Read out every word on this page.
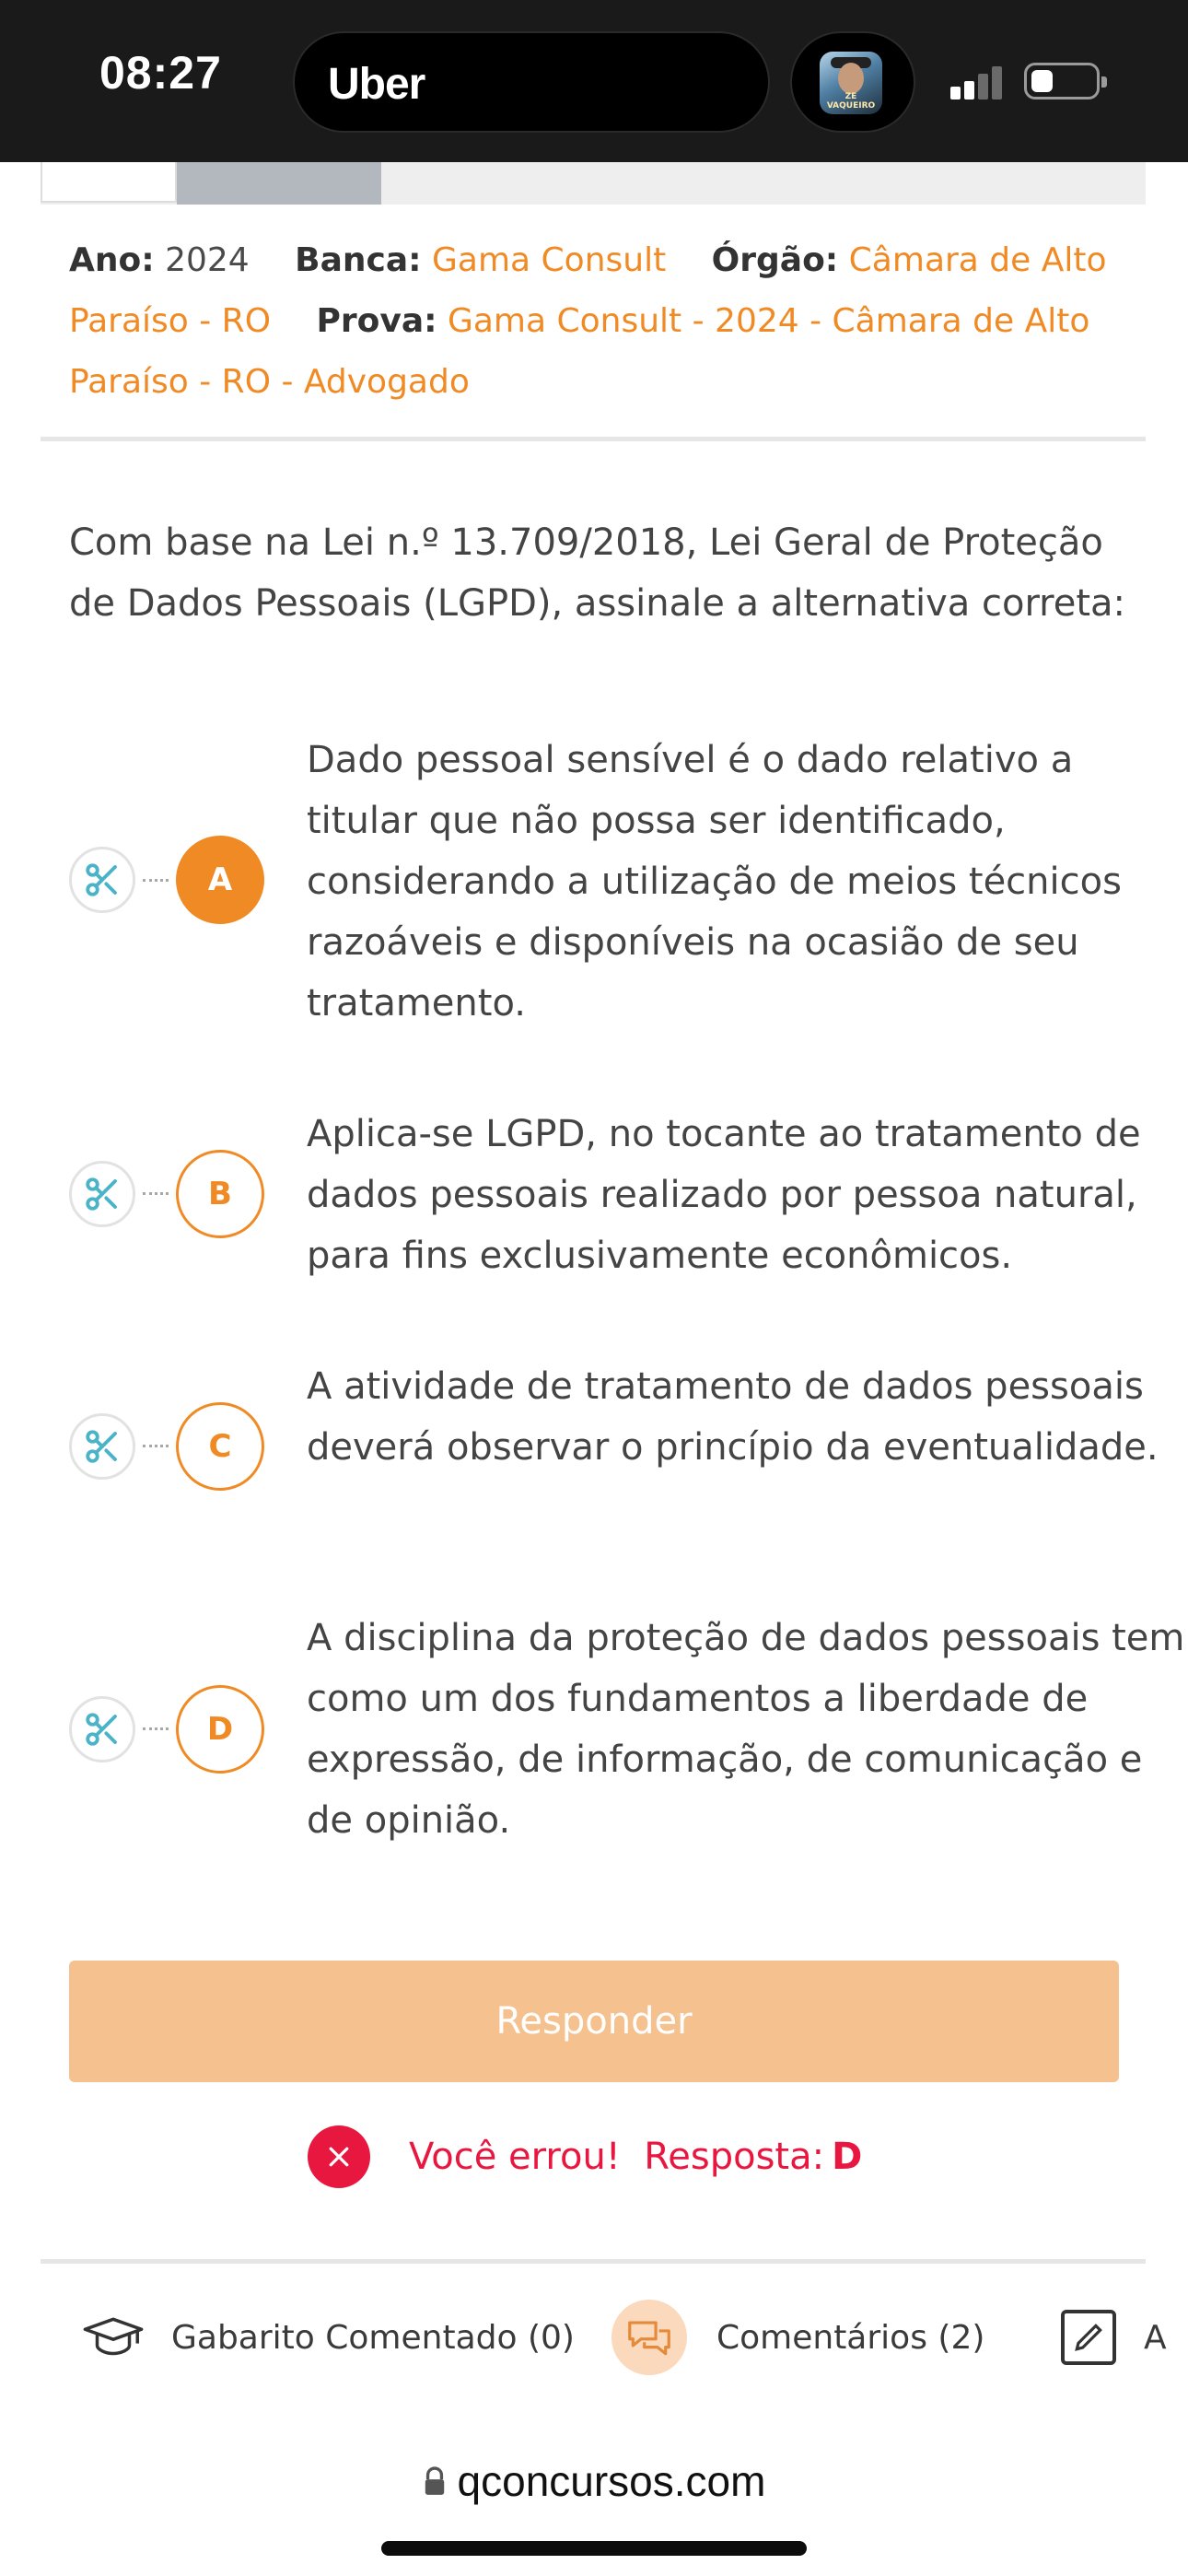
08:27 Uber	ZE VAQUEIRO
Ano: 2024 Banca: Gama Consult Órgão: Câmara de Alto Paraíso - RO Prova: Gama Consult - 2024 - Câmara de Alto Paraíso - RO - Advogado
Com base na Lei n.º 13.709/2018, Lei Geral de Proteção de Dados Pessoais (LGPD), assinale a alternativa correta:
A
Dado pessoal sensível é o dado relativo a titular que não possa ser identificado, considerando a utilização de meios técnicos razoáveis e disponíveis na ocasião de seu tratamento.
B
Aplica-se LGPD, no tocante ao tratamento de dados pessoais realizado por pessoa natural, para fins exclusivamente econômicos.
C
A atividade de tratamento de dados pessoais deverá observar o princípio da eventualidade.
D
A disciplina da proteção de dados pessoais tem como um dos fundamentos a liberdade de expressão, de informação, de comunicação e de opinião.
Responder
Você errou!  Resposta: D
Gabarito Comentado (0)	Comentários (2)	A
qconcursos.com
